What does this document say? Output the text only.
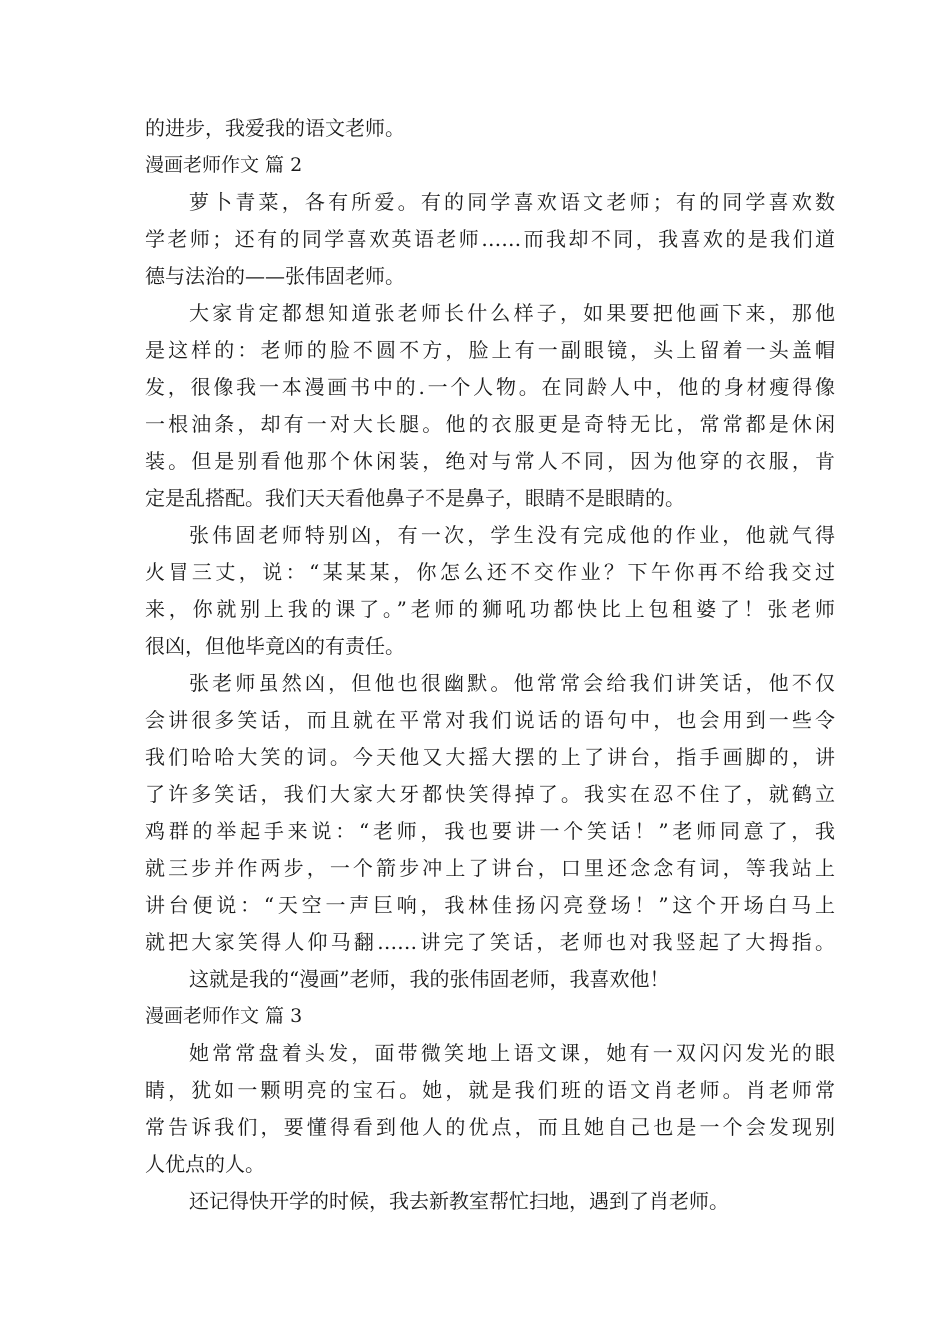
的进步，我爱我的语文老师。
漫画老师作文 篇 2
萝卜青菜，各有所爱。有的同学喜欢语文老师；有的同学喜欢数
学老师；还有的同学喜欢英语老师……而我却不同，我喜欢的是我们道
德与法治的——张伟固老师。
大家肯定都想知道张老师长什么样子，如果要把他画下来，那他
是这样的：老师的脸不圆不方，脸上有一副眼镜，头上留着一头盖帽
发，很像我一本漫画书中的.一个人物。在同龄人中，他的身材瘦得像
一根油条，却有一对大长腿。他的衣服更是奇特无比，常常都是休闲
装。但是别看他那个休闲装，绝对与常人不同，因为他穿的衣服，肯
定是乱搭配。我们天天看他鼻子不是鼻子，眼睛不是眼睛的。
张伟固老师特别凶，有一次，学生没有完成他的作业，他就气得
火冒三丈，说：“某某某，你怎么还不交作业？下午你再不给我交过
来，你就别上我的课了。”老师的狮吼功都快比上包租婆了！张老师
很凶，但他毕竟凶的有责任。
张老师虽然凶，但他也很幽默。他常常会给我们讲笑话，他不仅
会讲很多笑话，而且就在平常对我们说话的语句中，也会用到一些令
我们哈哈大笑的词。今天他又大摇大摆的上了讲台，指手画脚的，讲
了许多笑话，我们大家大牙都快笑得掉了。我实在忍不住了，就鹤立
鸡群的举起手来说：“老师，我也要讲一个笑话！”老师同意了，我
就三步并作两步，一个箭步冲上了讲台，口里还念念有词，等我站上
讲台便说：“天空一声巨响，我林佳扬闪亮登场！”这个开场白马上
就把大家笑得人仰马翻……讲完了笑话，老师也对我竖起了大拇指。
这就是我的“漫画”老师，我的张伟固老师，我喜欢他！
漫画老师作文 篇 3
她常常盘着头发，面带微笑地上语文课，她有一双闪闪发光的眼
睛，犹如一颗明亮的宝石。她，就是我们班的语文肖老师。肖老师常
常告诉我们，要懂得看到他人的优点，而且她自己也是一个会发现别
人优点的人。
还记得快开学的时候，我去新教室帮忙扫地，遇到了肖老师。
